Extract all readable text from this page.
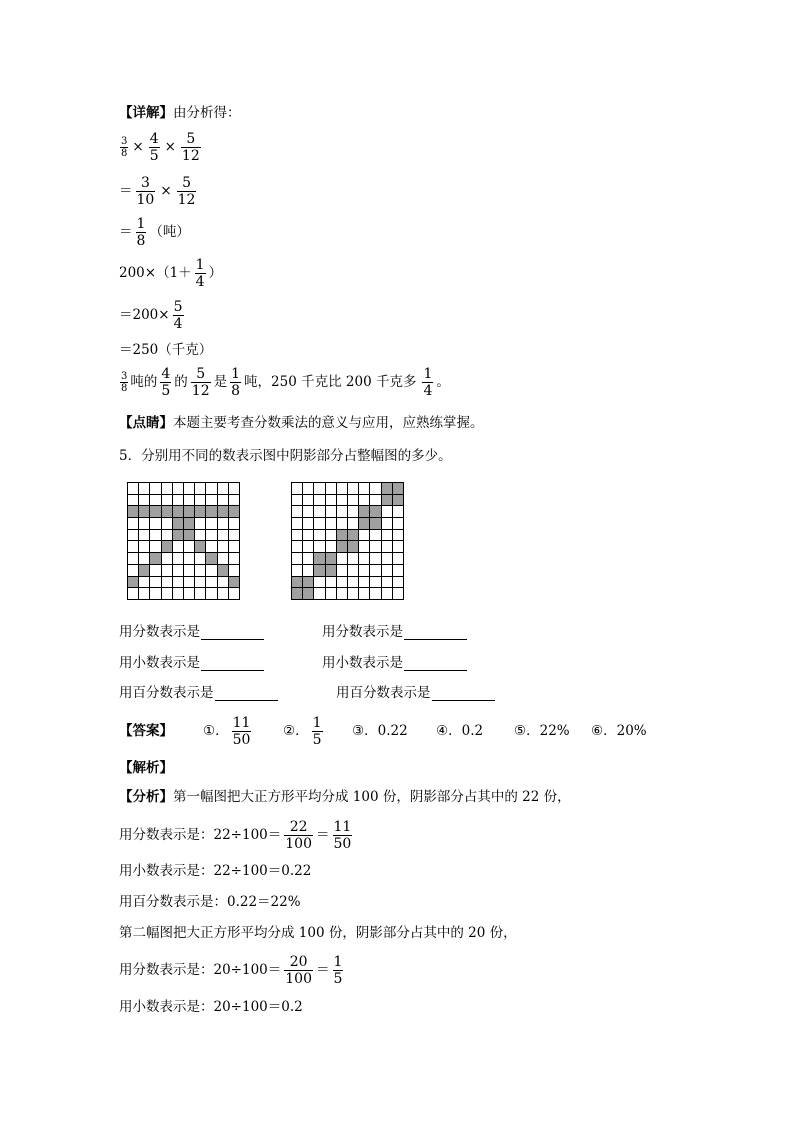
【详解】 由分析得：
$\frac{3}{8} \times \frac{4}{5} \times \frac{5}{12}$
＝ $\frac{3}{10} \times \frac{5}{12}$
＝ $\frac{1}{8}$ （吨）
$200\times(1+ \frac{1}{4}$ ）
$=200\times \frac{5}{4}$
＝250（千克）
$\frac{3}{8}$ 吨的 $\frac{4}{5}$ 的 $\frac{5}{12}$ 是 $\frac{1}{8}$ 吨，250 千克比 200 千克多 $\frac{1}{4}$ 。
【点睛】 本题主要考查分数乘法的意义与应用，应熟练掌握。
5．分别用不同的数表示图中阴影部分占整幅图的多少。
用分数表示是
用小数表示是
用百分数表示是
用分数表示是
用小数表示是
用百分数表示是
【答案】 ①． $\frac{11}{50}$ ②． $\frac{1}{5}$ ③． 0.22 ④． 0.2 ⑤． 22% ⑥． 20%
【解析】
【分析】 第一幅图把大正方形平均分成 100 份，阴影部分占其中的 22 份，
用分数表示是：$22\div 100= \frac{22}{100} = \frac{11}{50}$
用小数表示是：22÷100＝0.22
用百分数表示是：0.22＝22%
第二幅图把大正方形平均分成 100 份，阴影部分占其中的 20 份，
用分数表示是：$20\div 100= \frac{20}{100} = \frac{1}{5}$
用小数表示是：20÷100＝0.2
